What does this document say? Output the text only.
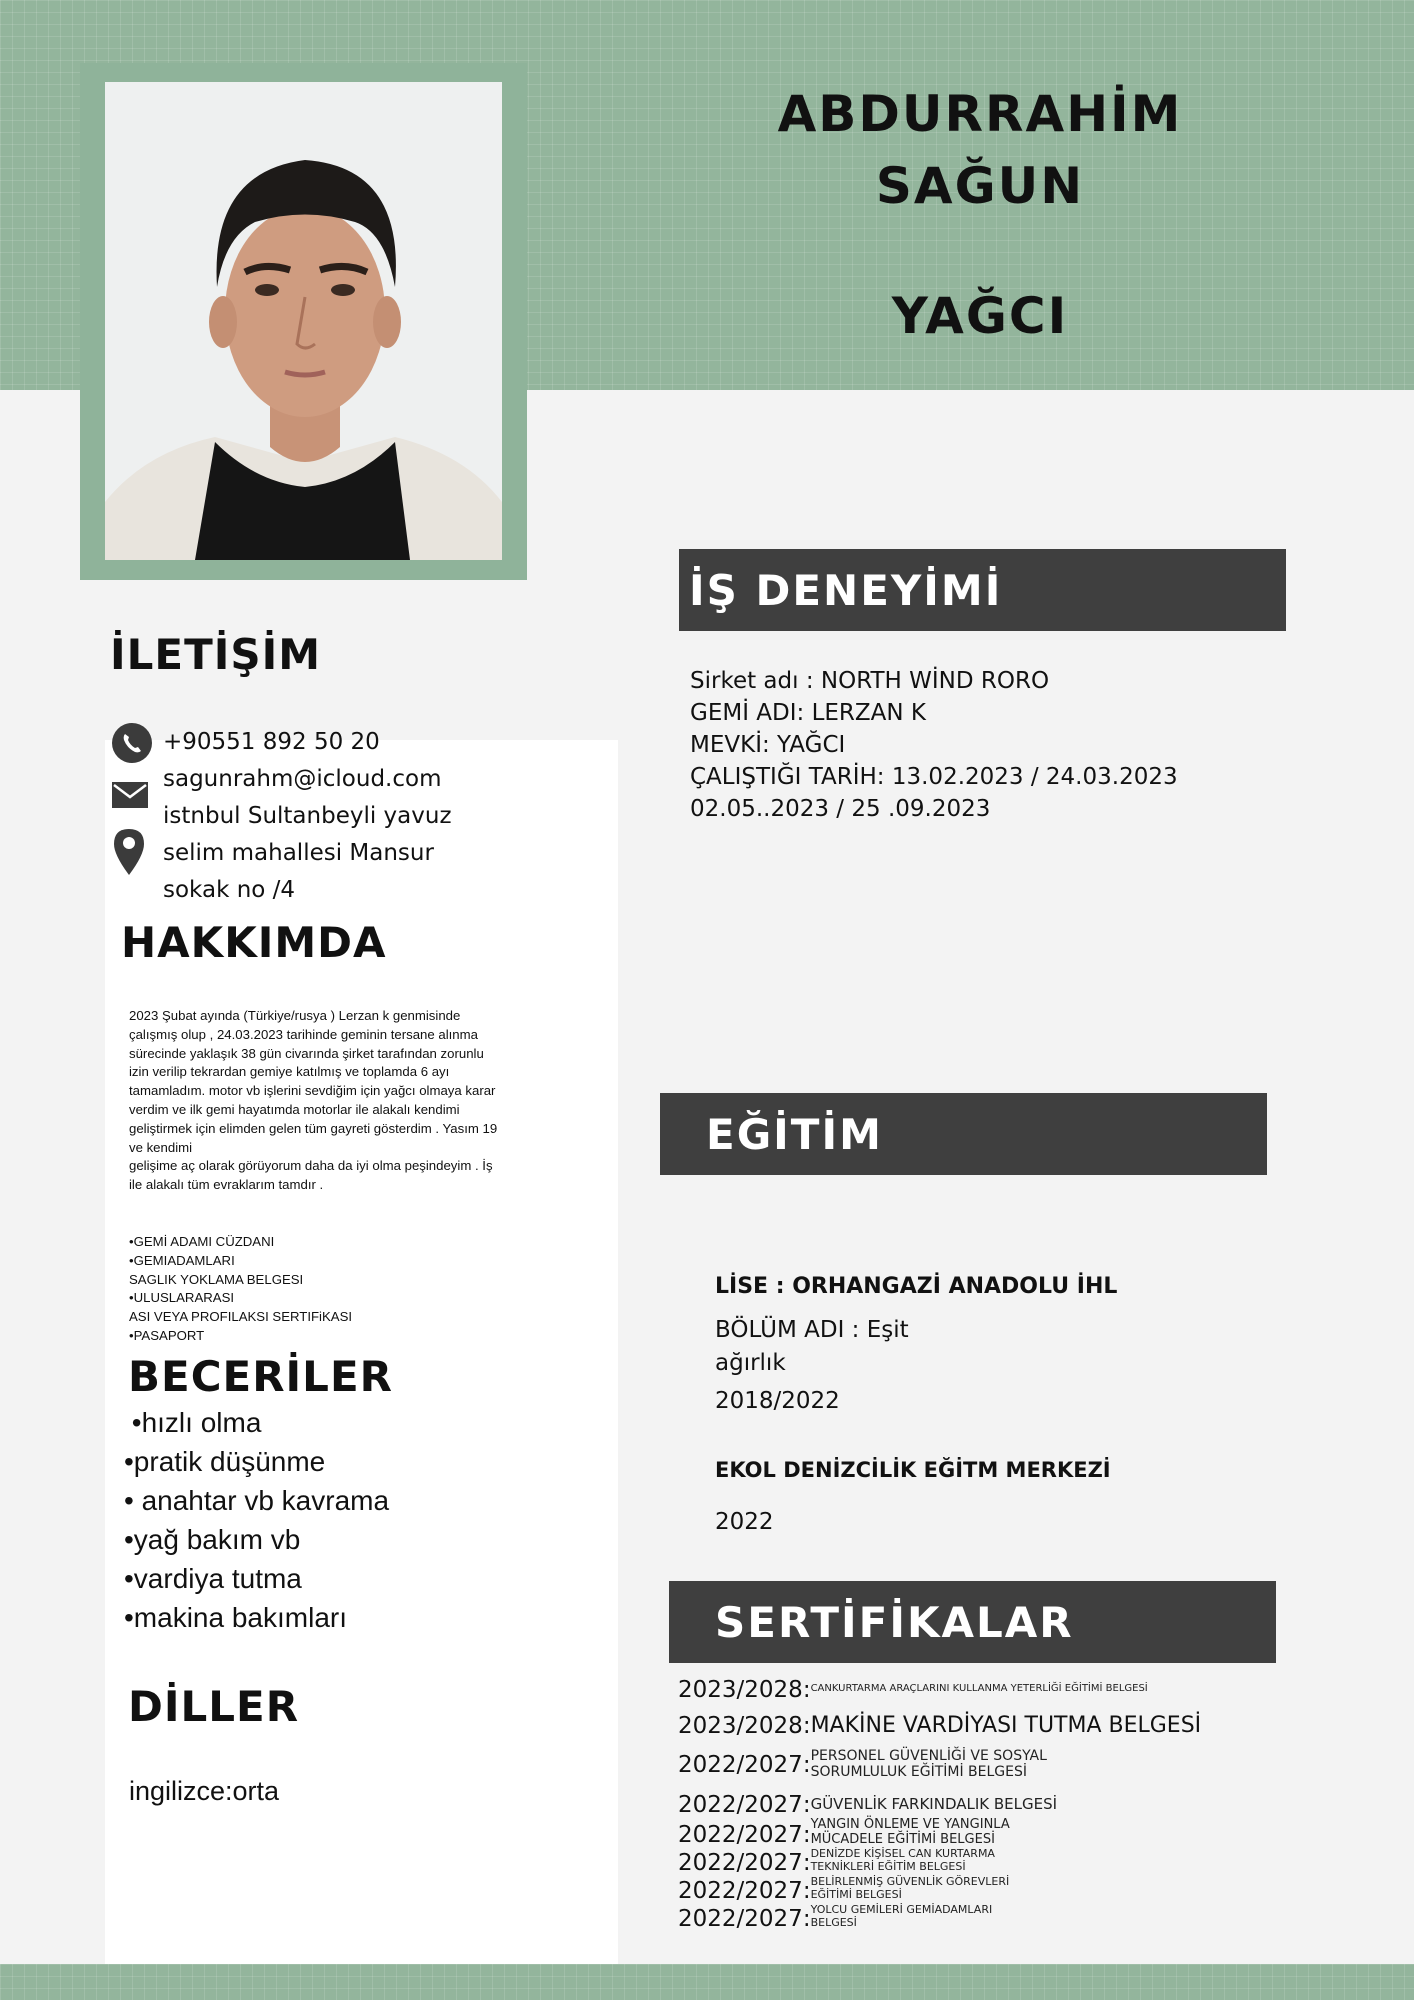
ABDURRAHİM
SAĞUN
YAĞCI
İLETİŞİM
+90551 892 50 20
sagunrahm@icloud.com
istnbul Sultanbeyli yavuz
selim mahallesi Mansur
sokak no /4
HAKKIMDA
2023 Şubat ayında (Türkiye/rusya ) Lerzan k genmisinde
çalışmış olup , 24.03.2023 tarihinde geminin tersane alınma
sürecinde yaklaşık 38 gün civarında şirket tarafından zorunlu
izin verilip tekrardan gemiye katılmış ve toplamda 6 ayı
tamamladım. motor vb işlerini sevdiğim için yağcı olmaya karar
verdim ve ilk gemi hayatımda motorlar ile alakalı kendimi
geliştirmek için elimden gelen tüm gayreti gösterdim . Yasım 19
ve kendimi
gelişime aç olarak görüyorum daha da iyi olma peşindeyim . İş
ile alakalı tüm evraklarım tamdır .
•GEMİ ADAMI CÜZDANI
•GEMIADAMLARI
SAGLIK YOKLAMA BELGESI
•ULUSLARARASI
ASI VEYA PROFILAKSI SERTIFiKASI
•PASAPORT
BECERİLER
•hızlı olma
•pratik düşünme
• anahtar vb kavrama
•yağ bakım vb
•vardiya tutma
•makina bakımları
DİLLER
ingilizce:orta
İŞ DENEYİMİ
Sirket adı : NORTH WİND RORO
GEMİ ADI: LERZAN K
MEVKİ: YAĞCI
ÇALIŞTIĞI TARİH: 13.02.2023 / 24.03.2023
02.05..2023 / 25 .09.2023
EĞİTİM
LİSE : ORHANGAZİ ANADOLU İHL
BÖLÜM ADI : Eşit
ağırlık
2018/2022
EKOL DENİZCİLİK EĞİTM MERKEZİ
2022
SERTİFİKALAR
2023/2028: CANKURTARMA ARAÇLARINI KULLANMA YETERLİĞİ EĞİTİMİ BELGESİ
2023/2028: MAKİNE VARDİYASI TUTMA BELGESİ
2022/2027: PERSONEL GÜVENLİĞİ VE SOSYAL
SORUMLULUK EĞİTİMİ BELGESİ
2022/2027: GÜVENLİK FARKINDALIK BELGESİ
2022/2027: YANGIN ÖNLEME VE YANGINLA
MÜCADELE EĞİTİMİ BELGESİ
2022/2027: DENİZDE KİŞİSEL CAN KURTARMA
TEKNİKLERİ EĞİTİM BELGESİ
2022/2027: BELİRLENMİŞ GÜVENLİK GÖREVLERİ
EĞİTİMİ BELGESİ
2022/2027: YOLCU GEMİLERİ GEMİADAMLARI
BELGESİ
